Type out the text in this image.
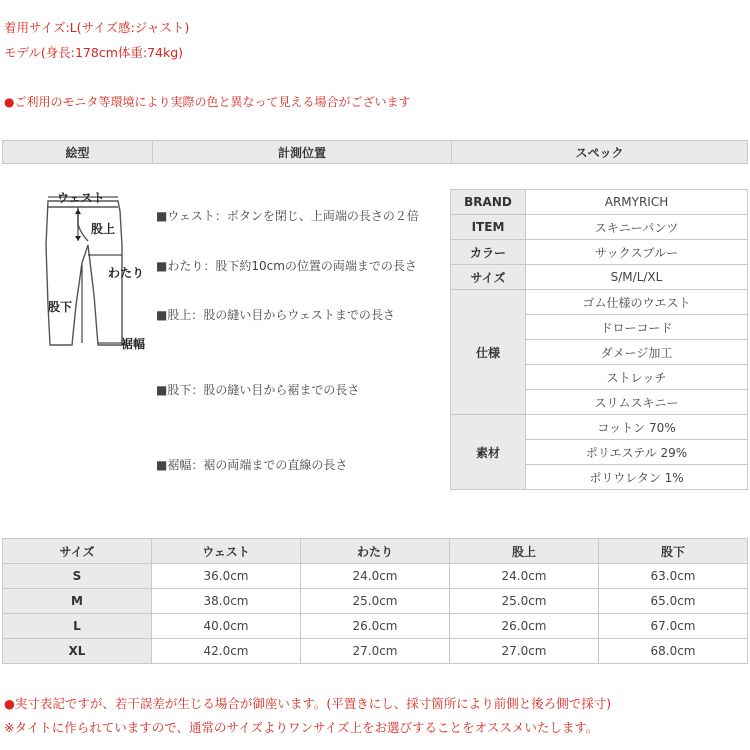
着用サイズ:L(サイズ感:ジャスト)
モデル(身長:178cm体重:74kg)
●ご利用のモニタ等環境により実際の色と異なって見える場合がございます
絵型	計測位置	スペック
ウェスト
股上
わたり
股下
裾幅
■ウェスト：ボタンを閉じ、上両端の長さの２倍
■わたり：股下約10cmの位置の両端までの長さ
■股上：股の縫い目からウェストまでの長さ
■股下：股の縫い目から裾までの長さ
■裾幅：裾の両端までの直線の長さ
BRAND	ARMYRICH
ITEM	スキニーパンツ
カラー	サックスブルー
サイズ	S/M/L/XL
仕様	ゴム仕様のウエスト
	ドローコード
	ダメージ加工
	ストレッチ
	スリムスキニー
素材	コットン 70%
	ポリエステル 29%
	ポリウレタン 1%
サイズ	ウェスト	わたり	股上	股下
S	36.0cm	24.0cm	24.0cm	63.0cm
M	38.0cm	25.0cm	25.0cm	65.0cm
L	40.0cm	26.0cm	26.0cm	67.0cm
XL	42.0cm	27.0cm	27.0cm	68.0cm
●実寸表記ですが、若干誤差が生じる場合が御座います。(平置きにし、採寸箇所により前側と後ろ側で採寸)
※タイトに作られていますので、通常のサイズよりワンサイズ上をお選びすることをオススメいたします。
